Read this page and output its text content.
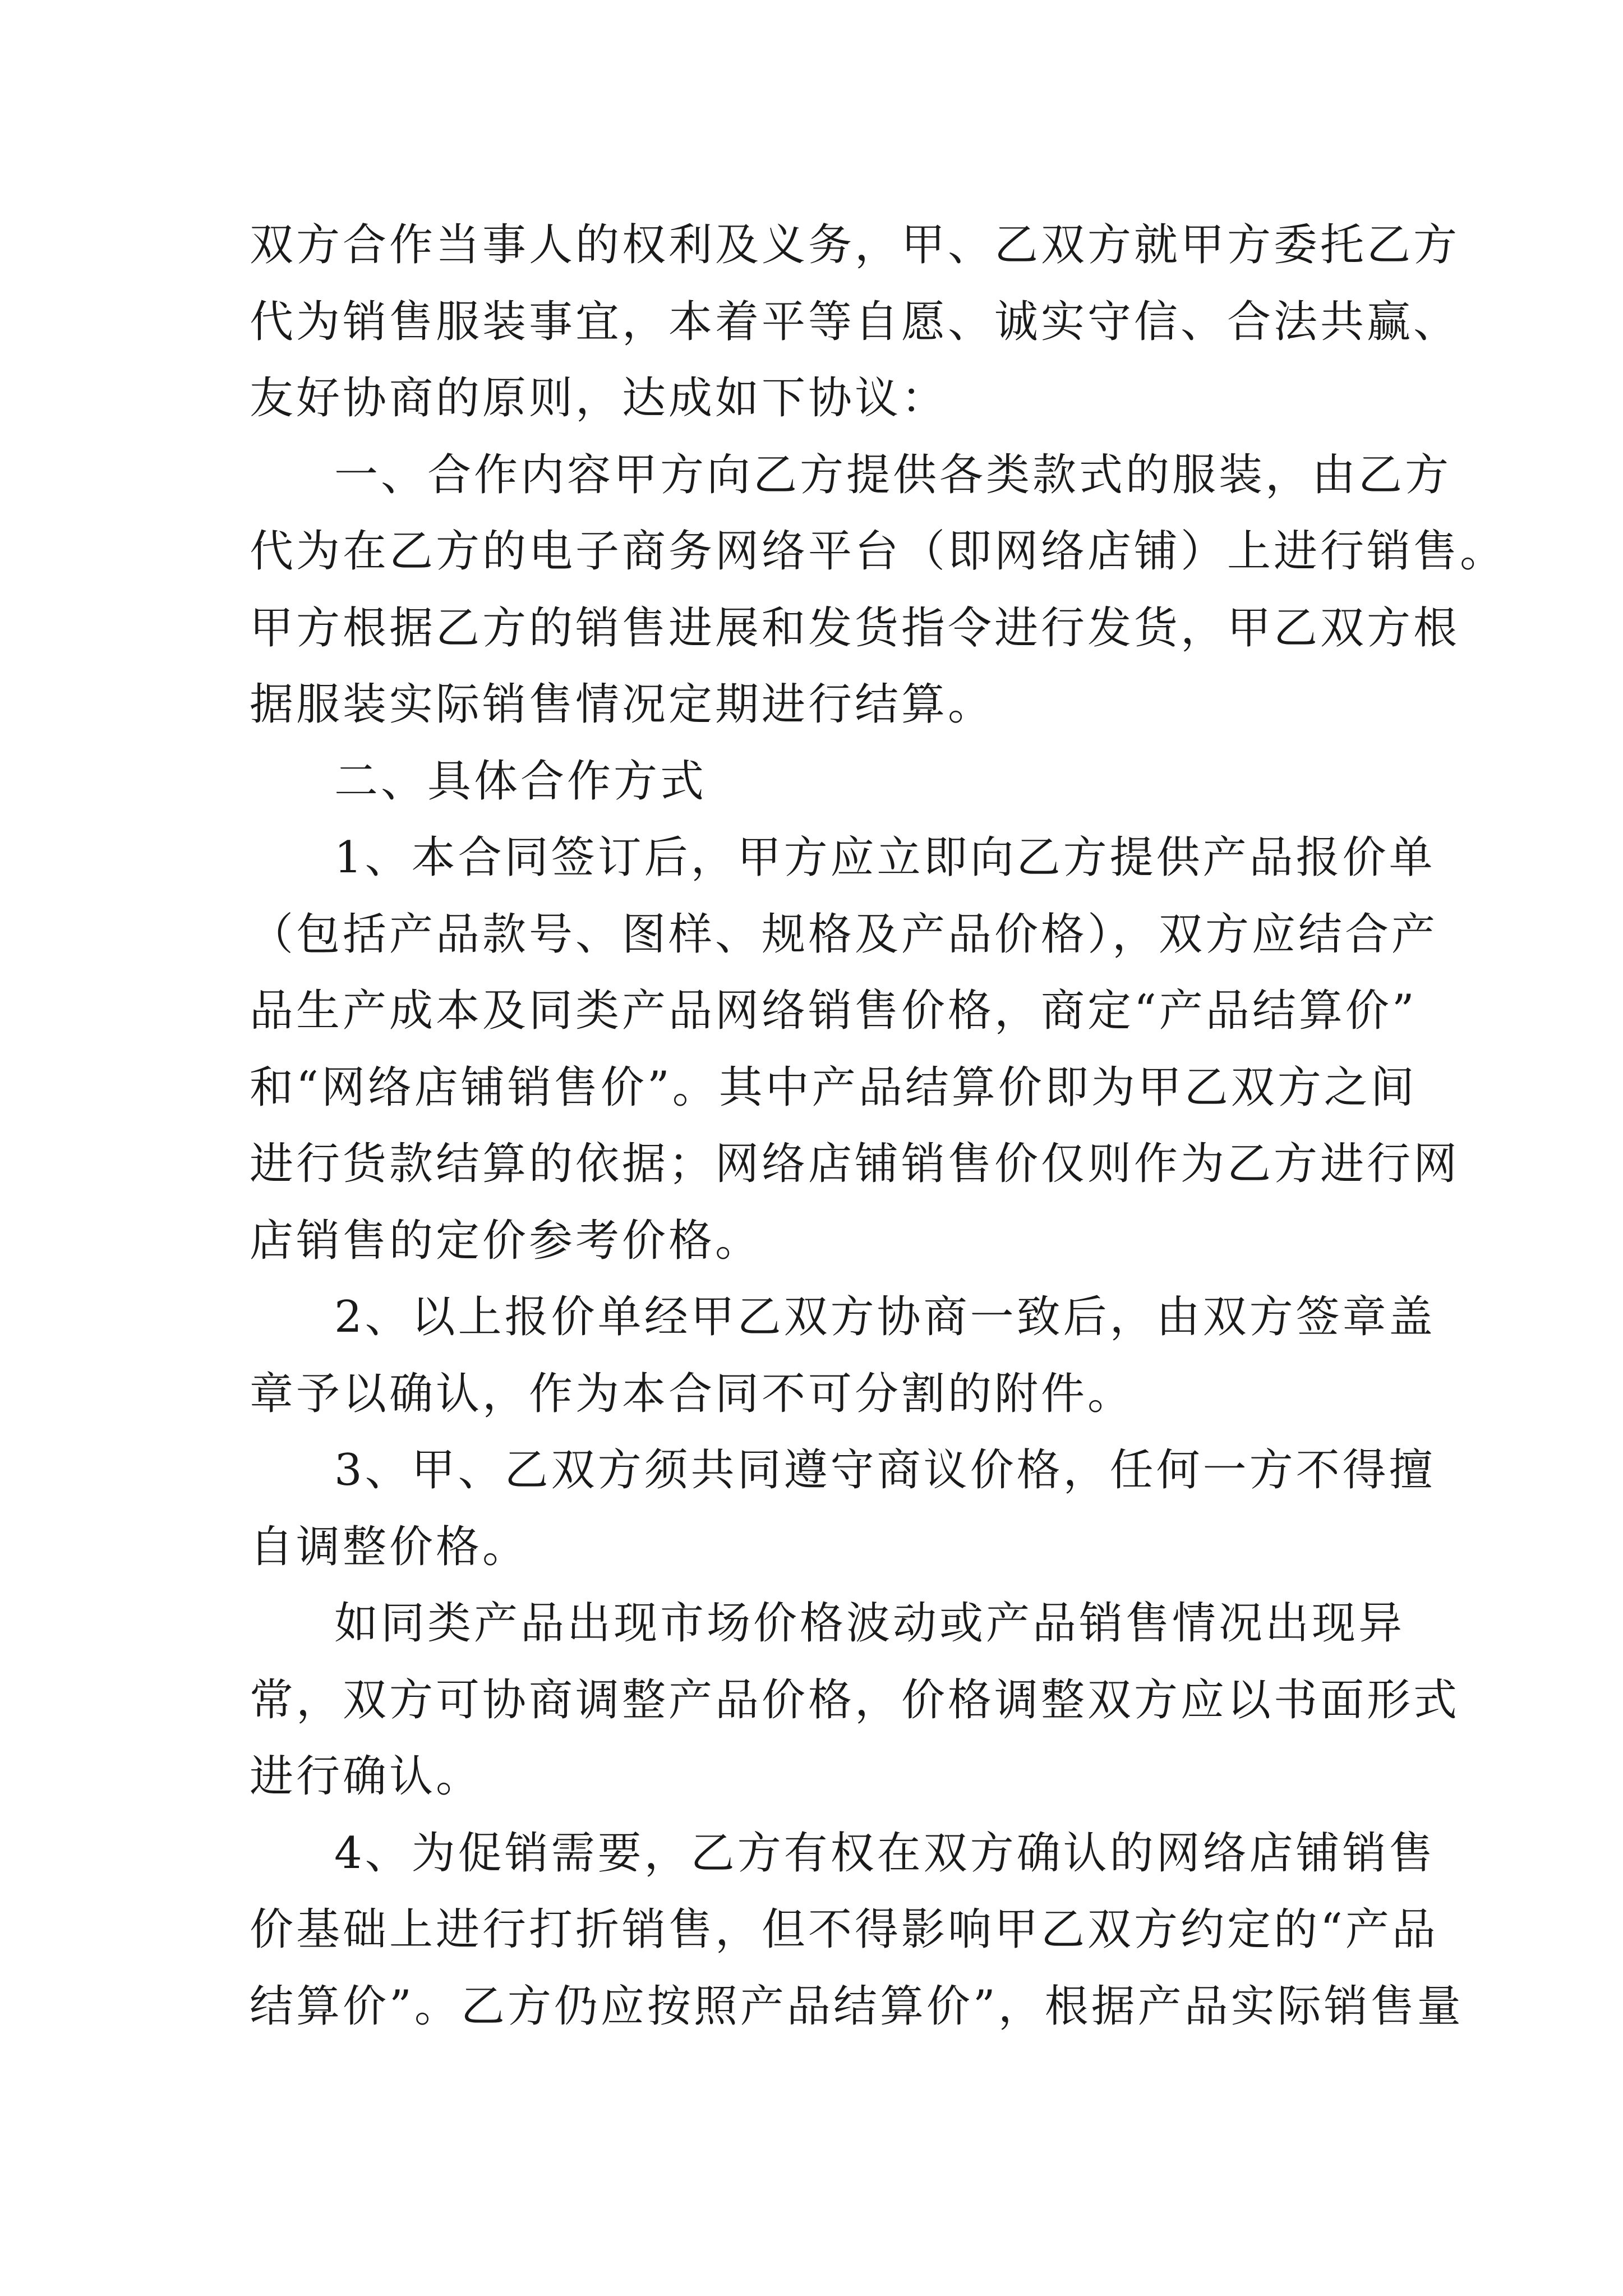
双方合作当事人的权利及义务，甲、乙双方就甲方委托乙方
代为销售服装事宜，本着平等自愿、诚实守信、合法共赢、
友好协商的原则，达成如下协议：
一、合作内容甲方向乙方提供各类款式的服装，由乙方
代为在乙方的电子商务网络平台（即网络店铺）上进行销售。
甲方根据乙方的销售进展和发货指令进行发货，甲乙双方根
据服装实际销售情况定期进行结算。
二、具体合作方式
1、本合同签订后，甲方应立即向乙方提供产品报价单
（包括产品款号、图样、规格及产品价格），双方应结合产
品生产成本及同类产品网络销售价格，商定“产品结算价”
和“网络店铺销售价”。其中产品结算价即为甲乙双方之间
进行货款结算的依据；网络店铺销售价仅则作为乙方进行网
店销售的定价参考价格。
2、以上报价单经甲乙双方协商一致后，由双方签章盖
章予以确认，作为本合同不可分割的附件。
3、甲、乙双方须共同遵守商议价格，任何一方不得擅
自调整价格。
如同类产品出现市场价格波动或产品销售情况出现异
常，双方可协商调整产品价格，价格调整双方应以书面形式
进行确认。
4、为促销需要，乙方有权在双方确认的网络店铺销售
价基础上进行打折销售，但不得影响甲乙双方约定的“产品
结算价”。乙方仍应按照产品结算价”，根据产品实际销售量
